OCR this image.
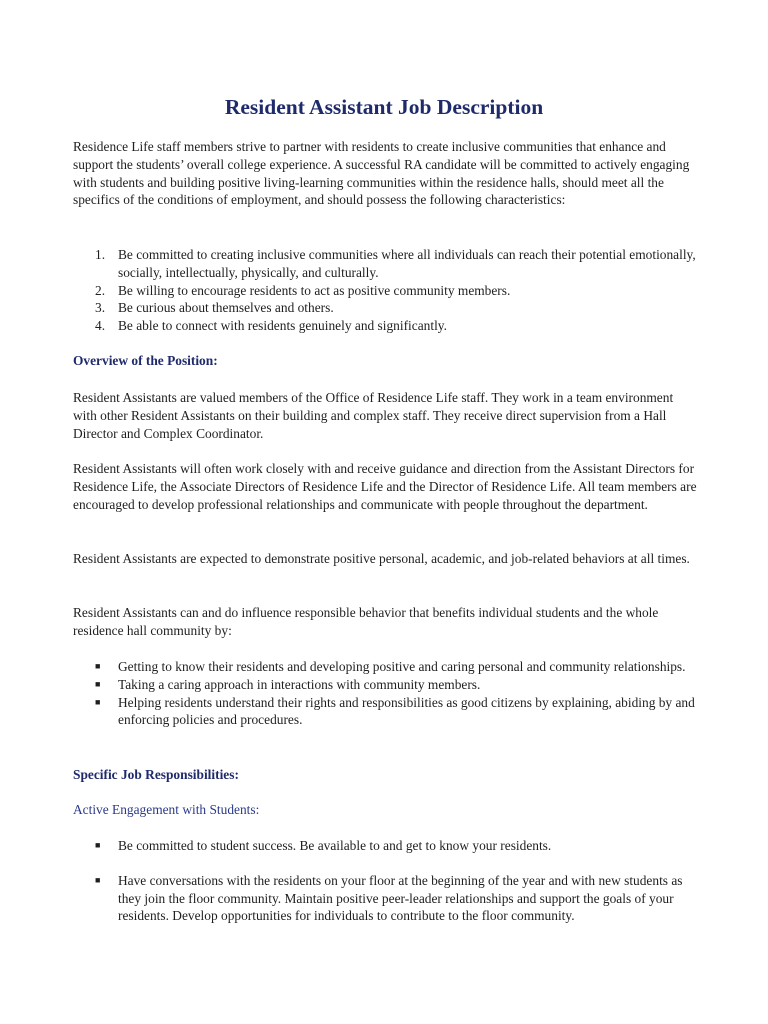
Resident Assistant Job Description

Residence Life staff members strive to partner with residents to create inclusive communities that enhance and support the students’ overall college experience. A successful RA candidate will be committed to actively engaging with students and building positive living-learning communities within the residence halls, should meet all the specifics of the conditions of employment, and should possess the following characteristics:

1. Be committed to creating inclusive communities where all individuals can reach their potential emotionally, socially, intellectually, physically, and culturally.
2. Be willing to encourage residents to act as positive community members.
3. Be curious about themselves and others.
4. Be able to connect with residents genuinely and significantly.

Overview of the Position:

Resident Assistants are valued members of the Office of Residence Life staff. They work in a team environment with other Resident Assistants on their building and complex staff. They receive direct supervision from a Hall Director and Complex Coordinator.

Resident Assistants will often work closely with and receive guidance and direction from the Assistant Directors for Residence Life, the Associate Directors of Residence Life and the Director of Residence Life. All team members are encouraged to develop professional relationships and communicate with people throughout the department.

Resident Assistants are expected to demonstrate positive personal, academic, and job-related behaviors at all times.

Resident Assistants can and do influence responsible behavior that benefits individual students and the whole residence hall community by:

■ Getting to know their residents and developing positive and caring personal and community relationships.
■ Taking a caring approach in interactions with community members.
■ Helping residents understand their rights and responsibilities as good citizens by explaining, abiding by and enforcing policies and procedures.

Specific Job Responsibilities:

Active Engagement with Students:

■ Be committed to student success. Be available to and get to know your residents.
■ Have conversations with the residents on your floor at the beginning of the year and with new students as they join the floor community. Maintain positive peer-leader relationships and support the goals of your residents. Develop opportunities for individuals to contribute to the floor community.
